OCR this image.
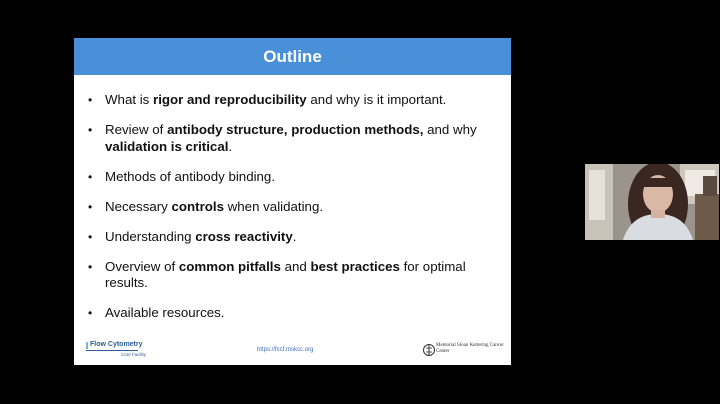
Outline
• What is rigor and reproducibility and why is it important.
• Review of antibody structure, production methods, and why validation is critical.
• Methods of antibody binding.
• Necessary controls when validating.
• Understanding cross reactivity.
• Overview of common pitfalls and best practices for optimal results.
• Available resources.
Flow Cytometry
Core Facility
https://fccf.mskcc.org
Memorial Sloan Kettering Cancer Center
